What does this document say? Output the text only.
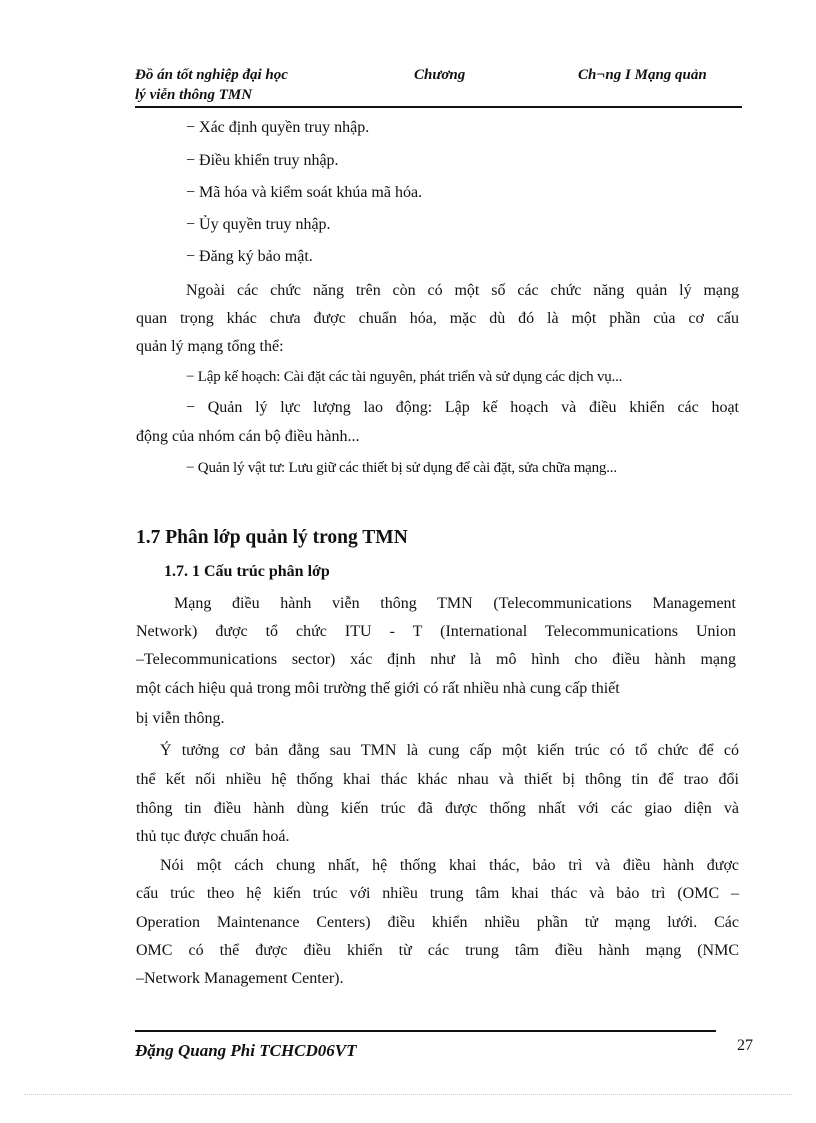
Đồ án tốt nghiệp đại học	Chương	Ch¬ng I Mạng quản
lý viễn thông TMN
− Xác định quyền truy nhập.
− Điều khiển truy nhập.
− Mã hóa và kiểm soát khúa mã hóa.
− Ủy quyền truy nhập.
− Đăng ký bảo mật.
Ngoài các chức năng trên còn có một số các chức năng quản lý mạng
quan trọng khác chưa được chuẩn hóa, mặc dù đó là một phần của cơ cấu
quản lý mạng tổng thể:
− Lập kế hoạch: Cài đặt các tài nguyên, phát triển và sử dụng các dịch vụ...
− Quản lý lực lượng lao động: Lập kế hoạch và điều khiển các hoạt
động của nhóm cán bộ điều hành...
− Quản lý vật tư: Lưu giữ các thiết bị sử dụng để cài đặt, sửa chữa mạng...
1.7 Phân lớp quản lý trong TMN
1.7. 1 Cấu trúc phân lớp
Mạng điều hành viễn thông TMN (Telecommunications Management
Network) được tổ chức ITU - T (International Telecommunications Union
–Telecommunications sector) xác định như là mô hình cho điều hành mạng
một cách hiệu quả trong môi trường thế giới có rất nhiều nhà cung cấp thiết
bị viễn thông.
Ý tưởng cơ bản đằng sau TMN là cung cấp một kiến trúc có tổ chức để có
thể kết nối nhiều hệ thống khai thác khác nhau và thiết bị thông tin để trao đổi
thông tin điều hành dùng kiến trúc đã được thống nhất với các giao diện và
thủ tục được chuẩn hoá.
Nói một cách chung nhất, hệ thống khai thác, bảo trì và điều hành được
cấu trúc theo hệ kiến trúc với nhiều trung tâm khai thác và bảo trì (OMC –
Operation Maintenance Centers) điều khiển nhiều phần tử mạng lưới. Các
OMC có thể được điều khiển từ các trung tâm điều hành mạng (NMC
–Network Management Center).
Đặng Quang Phi TCHCD06VT	27
